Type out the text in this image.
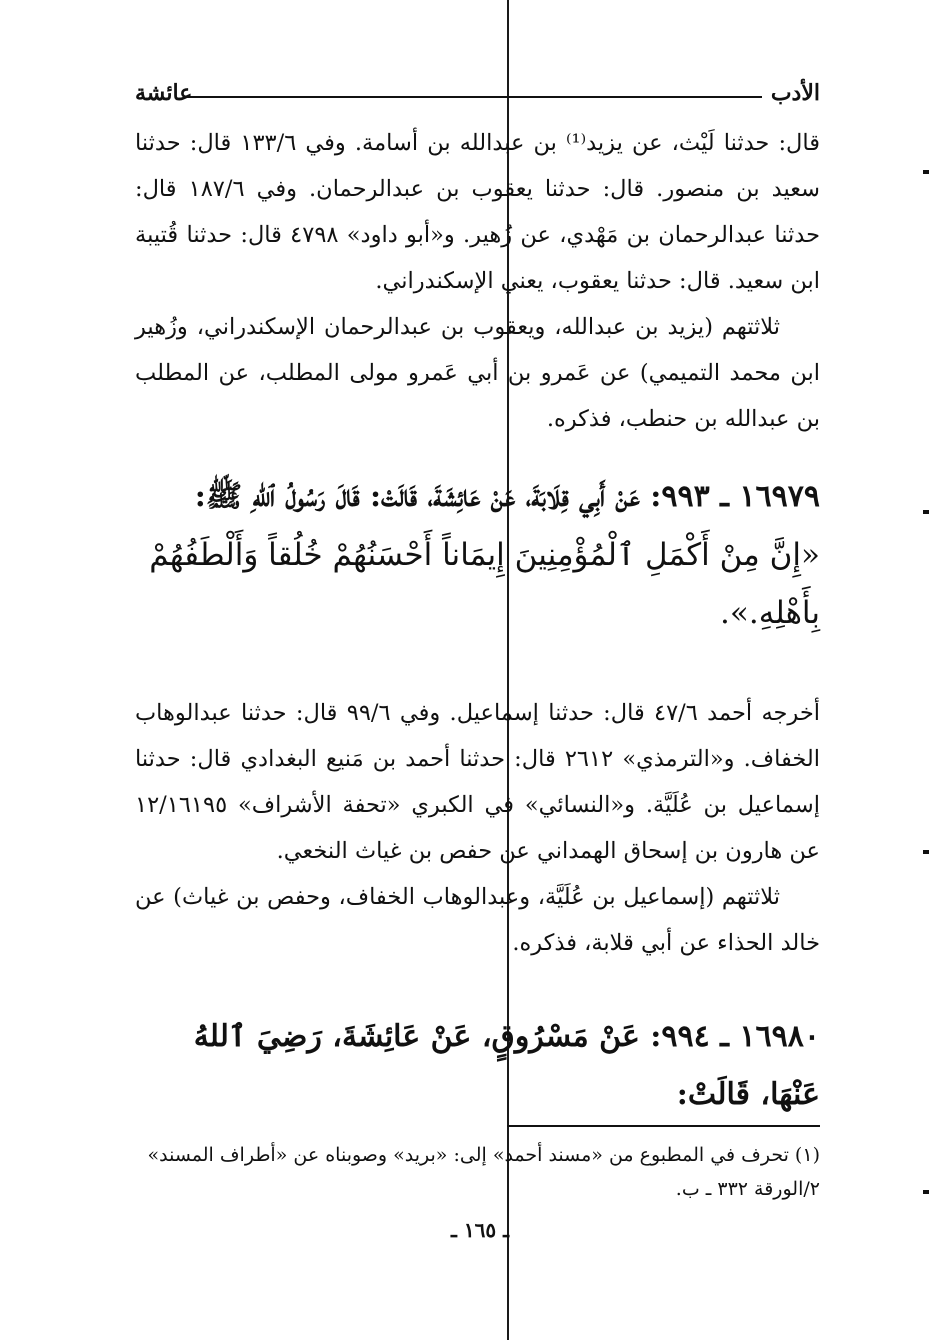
الأدب
عائشة

قال: حدثنا لَيْث، عن يزيد⁽¹⁾ بن عبدالله بن أسامة. وفي ١٣٣/٦ قال: حدثنا سعيد بن منصور. قال: حدثنا يعقوب بن عبدالرحمان. وفي ١٨٧/٦ قال: حدثنا عبدالرحمان بن مَهْدي، عن زُهير. و«أبو داود» ٤٧٩٨ قال: حدثنا قُتيبة ابن سعيد. قال: حدثنا يعقوب، يعني الإسكندراني.

ثلاثتهم (يزيد بن عبدالله، ويعقوب بن عبدالرحمان الإسكندراني، وزُهير ابن محمد التميمي) عن عَمرو بن أبي عَمرو مولى المطلب، عن المطلب بن عبدالله بن حنطب، فذكره.

١٦٩٧٩ ـ ٩٩٣: عَنْ أَبِي قِلَابَةَ، عَنْ عَائِشَةَ، قَالَتْ: قَالَ رَسُولُ ٱللهِ ﷺ:

«إِنَّ مِنْ أَكْمَلِ ٱلْمُؤْمِنِينَ إِيمَاناً أَحْسَنُهُمْ خُلُقاً وَأَلْطَفُهُمْ بِأَهْلِهِ.».

أخرجه أحمد ٤٧/٦ قال: حدثنا إسماعيل. وفي ٩٩/٦ قال: حدثنا عبدالوهاب الخفاف. و«الترمذي» ٢٦١٢ قال: حدثنا أحمد بن مَنيع البغدادي قال: حدثنا إسماعيل بن عُلَيَّة. و«النسائي» في الكبري «تحفة الأشراف» ١٢/١٦١٩٥ عن هارون بن إسحاق الهمداني عن حفص بن غياث النخعي.

ثلاثتهم (إسماعيل بن عُلَيَّة، وعبدالوهاب الخفاف، وحفص بن غياث) عن خالد الحذاء عن أبي قلابة، فذكره.

١٦٩٨٠ ـ ٩٩٤: عَنْ مَسْرُوقٍ، عَنْ عَائِشَةَ، رَضِيَ ٱللهُ عَنْهَا، قَالَتْ:

(١) تحرف في المطبوع من «مسند أحمد» إلى: «بريد» وصوبناه عن «أطراف المسند» ٢/الورقة ٣٣٢ ـ ب.

ـ ١٦٥ ـ
